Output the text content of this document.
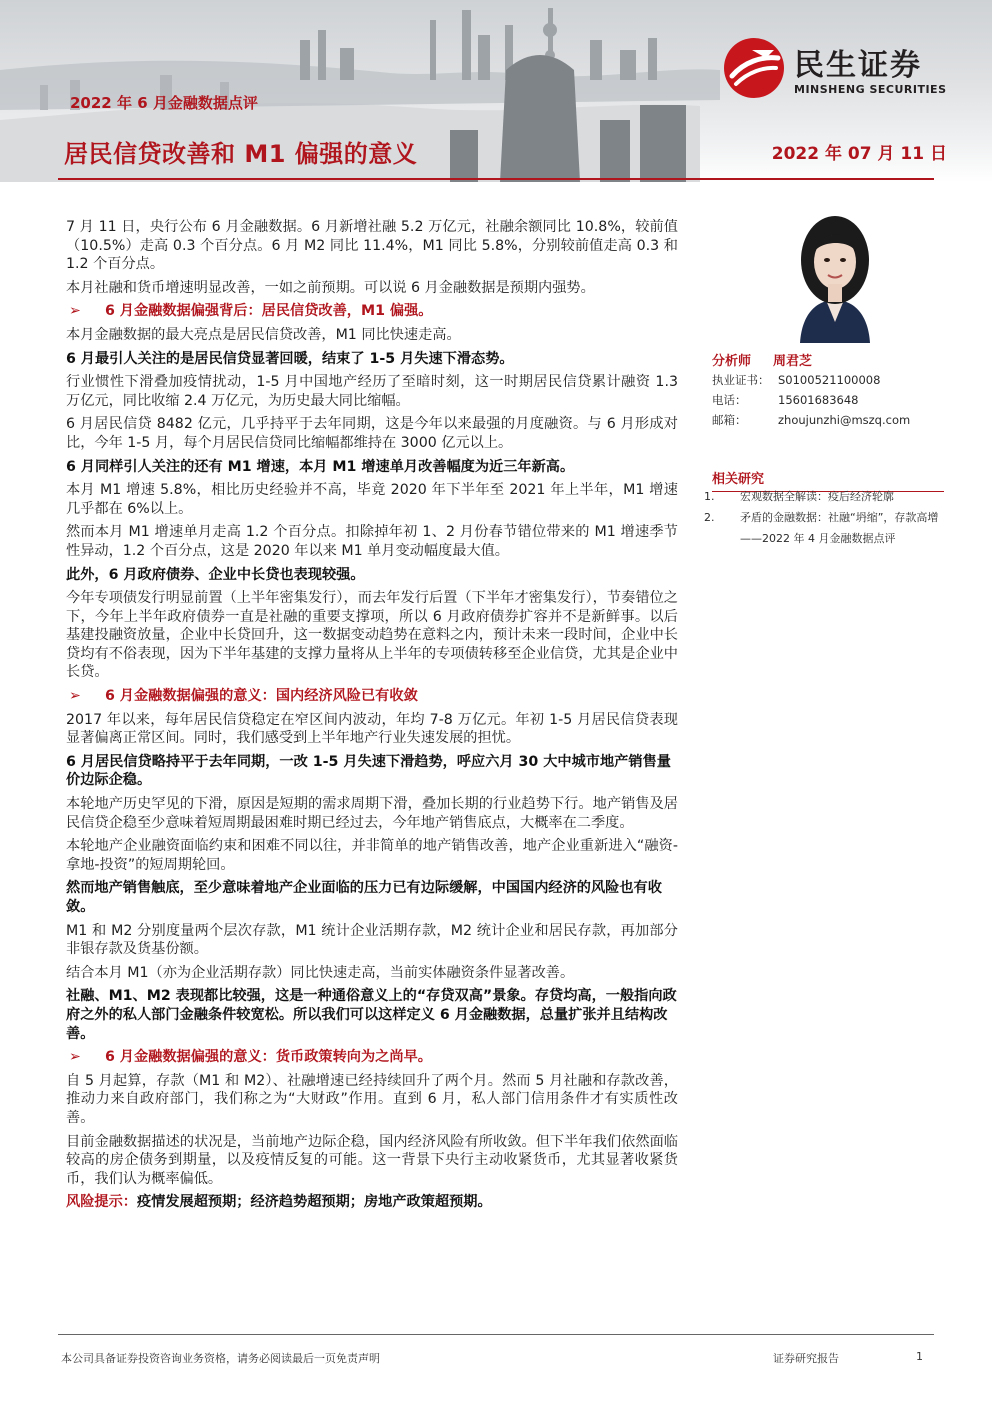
2022 年 6 月金融数据点评
居民信贷改善和 M1 偏强的意义	2022 年 07 月 11 日
民生证券
MINSHENG SECURITIES

7 月 11 日，央行公布 6 月金融数据。6 月新增社融 5.2 万亿元，社融余额同比 10.8%，较前值（10.5%）走高 0.3 个百分点。6 月 M2 同比 11.4%，M1 同比 5.8%，分别较前值走高 0.3 和 1.2 个百分点。

本月社融和货币增速明显改善，一如之前预期。可以说 6 月金融数据是预期内强势。

➢	6 月金融数据偏强背后：居民信贷改善，M1 偏强。

本月金融数据的最大亮点是居民信贷改善，M1 同比快速走高。

6 月最引人关注的是居民信贷显著回暖，结束了 1-5 月失速下滑态势。

行业惯性下滑叠加疫情扰动，1-5 月中国地产经历了至暗时刻，这一时期居民信贷累计融资 1.3 万亿元，同比收缩 2.4 万亿元，为历史最大同比缩幅。

6 月居民信贷 8482 亿元，几乎持平于去年同期，这是今年以来最强的月度融资。与 6 月形成对比，今年 1-5 月，每个月居民信贷同比缩幅都维持在 3000 亿元以上。

6 月同样引人关注的还有 M1 增速，本月 M1 增速单月改善幅度为近三年新高。

本月 M1 增速 5.8%，相比历史经验并不高，毕竟 2020 年下半年至 2021 年上半年，M1 增速几乎都在 6%以上。

然而本月 M1 增速单月走高 1.2 个百分点。扣除掉年初 1、2 月份春节错位带来的 M1 增速季节性异动，1.2 个百分点，这是 2020 年以来 M1 单月变动幅度最大值。

此外，6 月政府债券、企业中长贷也表现较强。

今年专项债发行明显前置（上半年密集发行），而去年发行后置（下半年才密集发行），节奏错位之下，今年上半年政府债券一直是社融的重要支撑项，所以 6 月政府债券扩容并不是新鲜事。以后基建投融资放量，企业中长贷回升，这一数据变动趋势在意料之内，预计未来一段时间，企业中长贷均有不俗表现，因为下半年基建的支撑力量将从上半年的专项债转移至企业信贷，尤其是企业中长贷。

➢	6 月金融数据偏强的意义：国内经济风险已有收敛

2017 年以来，每年居民信贷稳定在窄区间内波动，年均 7-8 万亿元。年初 1-5 月居民信贷表现显著偏离正常区间。同时，我们感受到上半年地产行业失速发展的担忧。

6 月居民信贷略持平于去年同期，一改 1-5 月失速下滑趋势，呼应六月 30 大中城市地产销售量价边际企稳。

本轮地产历史罕见的下滑，原因是短期的需求周期下滑，叠加长期的行业趋势下行。地产销售及居民信贷企稳至少意味着短周期最困难时期已经过去，今年地产销售底点，大概率在二季度。

本轮地产企业融资面临约束和困难不同以往，并非简单的地产销售改善，地产企业重新进入“融资-拿地-投资”的短周期轮回。

然而地产销售触底，至少意味着地产企业面临的压力已有边际缓解，中国国内经济的风险也有收敛。

M1 和 M2 分别度量两个层次存款，M1 统计企业活期存款，M2 统计企业和居民存款，再加部分非银存款及货基份额。

结合本月 M1（亦为企业活期存款）同比快速走高，当前实体融资条件显著改善。

社融、M1、M2 表现都比较强，这是一种通俗意义上的“存贷双高”景象。存贷均高，一般指向政府之外的私人部门金融条件较宽松。所以我们可以这样定义 6 月金融数据，总量扩张并且结构改善。

➢	6 月金融数据偏强的意义：货币政策转向为之尚早。

自 5 月起算，存款（M1 和 M2）、社融增速已经持续回升了两个月。然而 5 月社融和存款改善，推动力来自政府部门，我们称之为“大财政”作用。直到 6 月，私人部门信用条件才有实质性改善。

目前金融数据描述的状况是，当前地产边际企稳，国内经济风险有所收敛。但下半年我们依然面临较高的房企债务到期量，以及疫情反复的可能。这一背景下央行主动收紧货币，尤其显著收紧货币，我们认为概率偏低。

风险提示：疫情发展超预期；经济趋势超预期；房地产政策超预期。

分析师 周君芝
执业证书： S0100521100008
电话：	15601683648
邮箱：	zhoujunzhi@mszq.com
相关研究
1. 宏观数据全解读：疫后经济轮廓
2. 矛盾的金融数据：社融“坍缩”，存款高增——2022 年 4 月金融数据点评
本公司具备证券投资咨询业务资格，请务必阅读最后一页免责声明	证券研究报告	1
